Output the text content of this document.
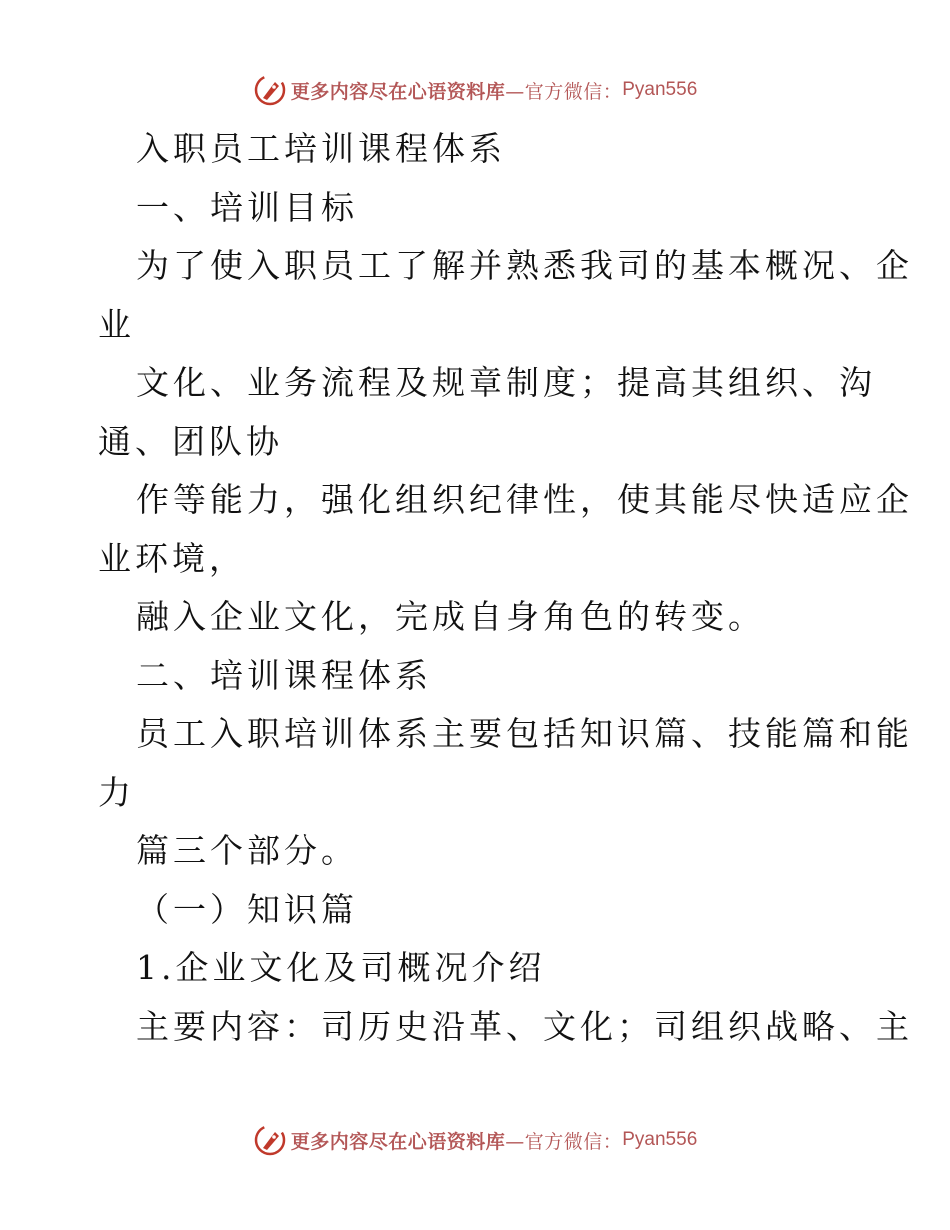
更多内容尽在心语资料库 —官方微信： Pyan556
入职员工培训课程体系
一、培训目标
为了使入职员工了解并熟悉我司的基本概况、企
业
文化、业务流程及规章制度；提高其组织、沟
通、团队协
作等能力，强化组织纪律性，使其能尽快适应企
业环境，
融入企业文化，完成自身角色的转变。
二、培训课程体系
员工入职培训体系主要包括知识篇、技能篇和能
力
篇三个部分。
（一）知识篇
1.企业文化及司概况介绍
主要内容：司历史沿革、文化；司组织战略、主
更多内容尽在心语资料库 —官方微信： Pyan556
